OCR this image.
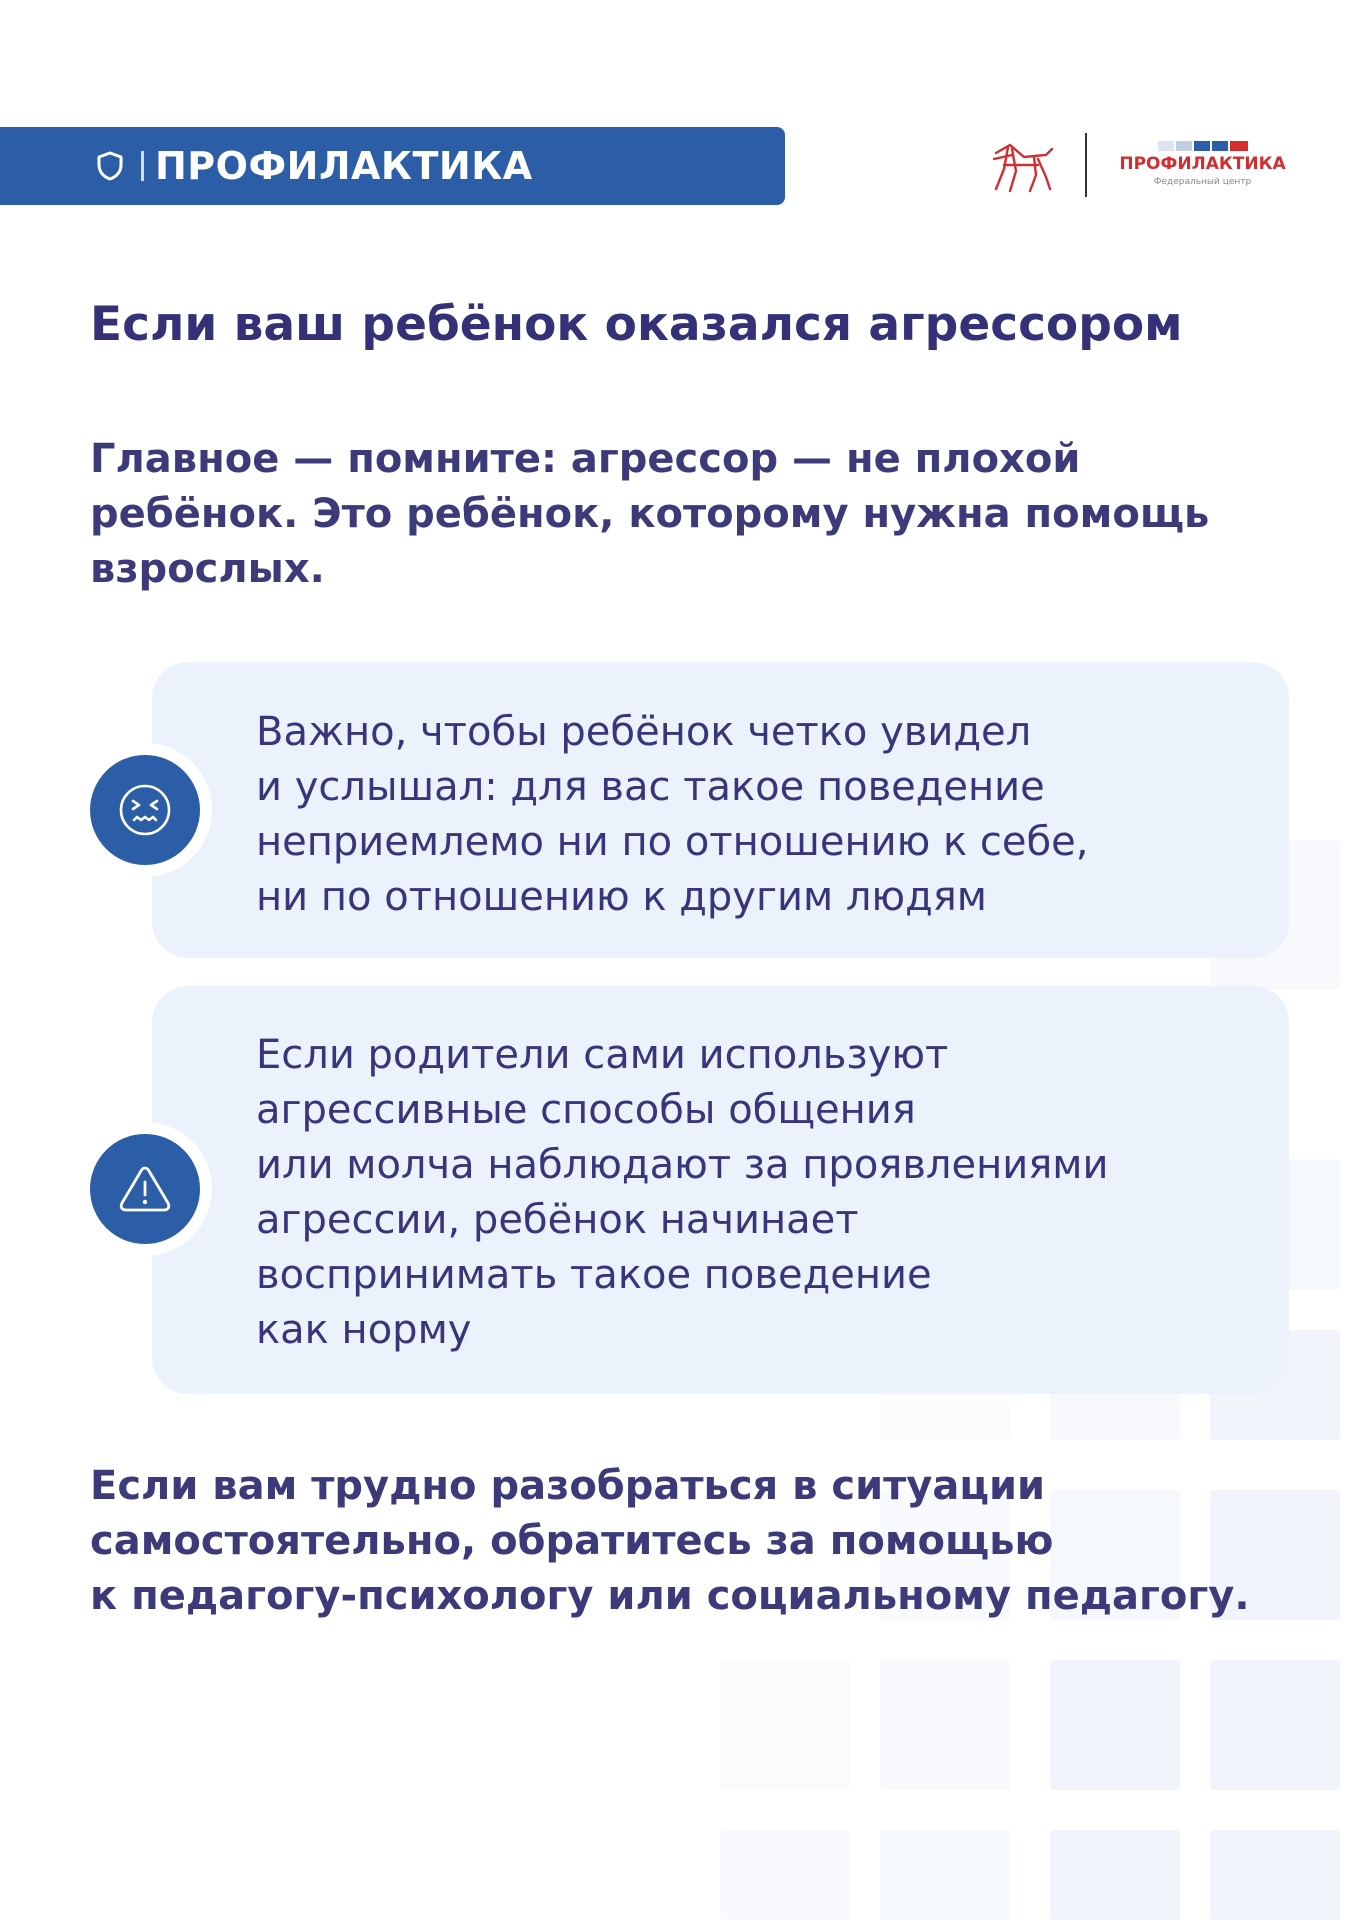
ПРОФИЛАКТИКА	ПРОФИЛАКТИКА
Федеральный центр
Если ваш ребёнок оказался агрессором
Главное — помните: агрессор — не плохой
ребёнок. Это ребёнок, которому нужна помощь
взрослых.
Важно, чтобы ребёнок четко увидел
и услышал: для вас такое поведение
неприемлемо ни по отношению к себе,
ни по отношению к другим людям
Если родители сами используют
агрессивные способы общения
или молча наблюдают за проявлениями
агрессии, ребёнок начинает
воспринимать такое поведение
как норму
Если вам трудно разобраться в ситуации
самостоятельно, обратитесь за помощью
к педагогу-психологу или социальному педагогу.
